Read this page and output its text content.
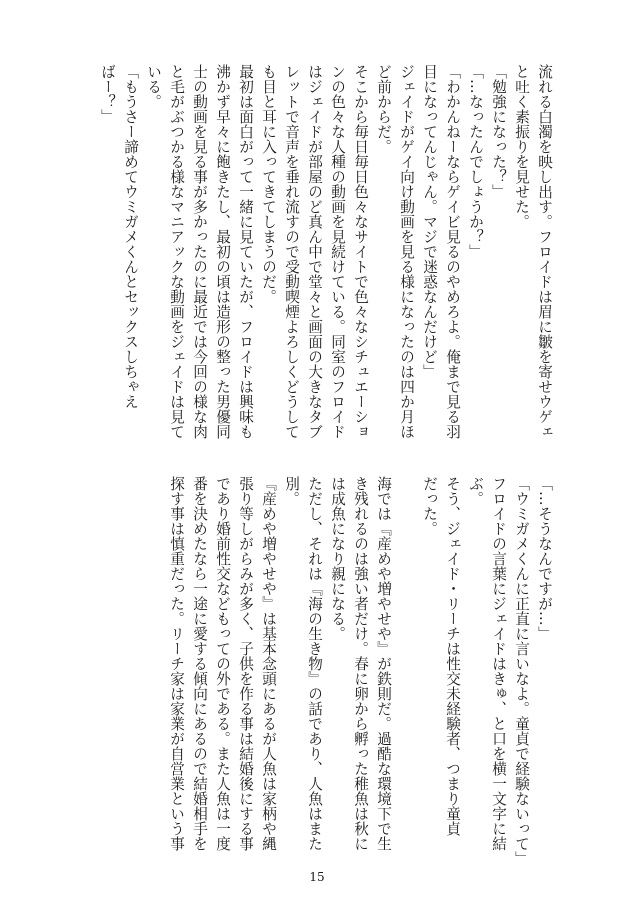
流れる白濁を映し出す。フロイドは眉に皺を寄せウゲェ
と吐く素振りを見せた。
「勉強になった？」
「…なったんでしょうか？」
「わかんねーならゲイビ見るのやめろよ。俺まで見る羽
目になってんじゃん。マジで迷惑なんだけど」
ジェイドがゲイ向け動画を見る様になったのは四か月ほ
ど前からだ。
そこから毎日毎日色々なサイトで色々なシチュエーショ
ンの色々な人種の動画を見続けている。同室のフロイド
はジェイドが部屋のど真ん中で堂々と画面の大きなタブ
レットで音声を垂れ流すので受動喫煙よろしくどうして
も目と耳に入ってきてしまうのだ。
最初は面白がって一緒に見ていたが、フロイドは興味も
沸かず早々に飽きたし、最初の頃は造形の整った男優同
士の動画を見る事が多かったのに最近では今回の様な肉
と毛がぶつかる様なマニアックな動画をジェイドは見て
いる。
「もうさー諦めてウミガメくんとセックスしちゃえ
ばー？」
「…そうなんですが…」
「ウミガメくんに正直に言いなよ。童貞で経験ないって」
フロイドの言葉にジェイドはきゅ、と口を横一文字に結
ぶ。
そう、ジェイド・リーチは性交未経験者、つまり童貞
だった。
海では『産めや増やせや』が鉄則だ。過酷な環境下で生
き残れるのは強い者だけ。春に卵から孵った稚魚は秋に
は成魚になり親になる。
ただし、それは『海の生き物』の話であり、人魚はまた
別。
『産めや増やせや』は基本念頭にあるが人魚は家柄や縄
張り等しがらみが多く、子供を作る事は結婚後にする事
であり婚前性交などもっての外である。また人魚は一度
番を決めたなら一途に愛する傾向にあるので結婚相手を
探す事は慎重だった。リーチ家は家業が自営業という事
15
